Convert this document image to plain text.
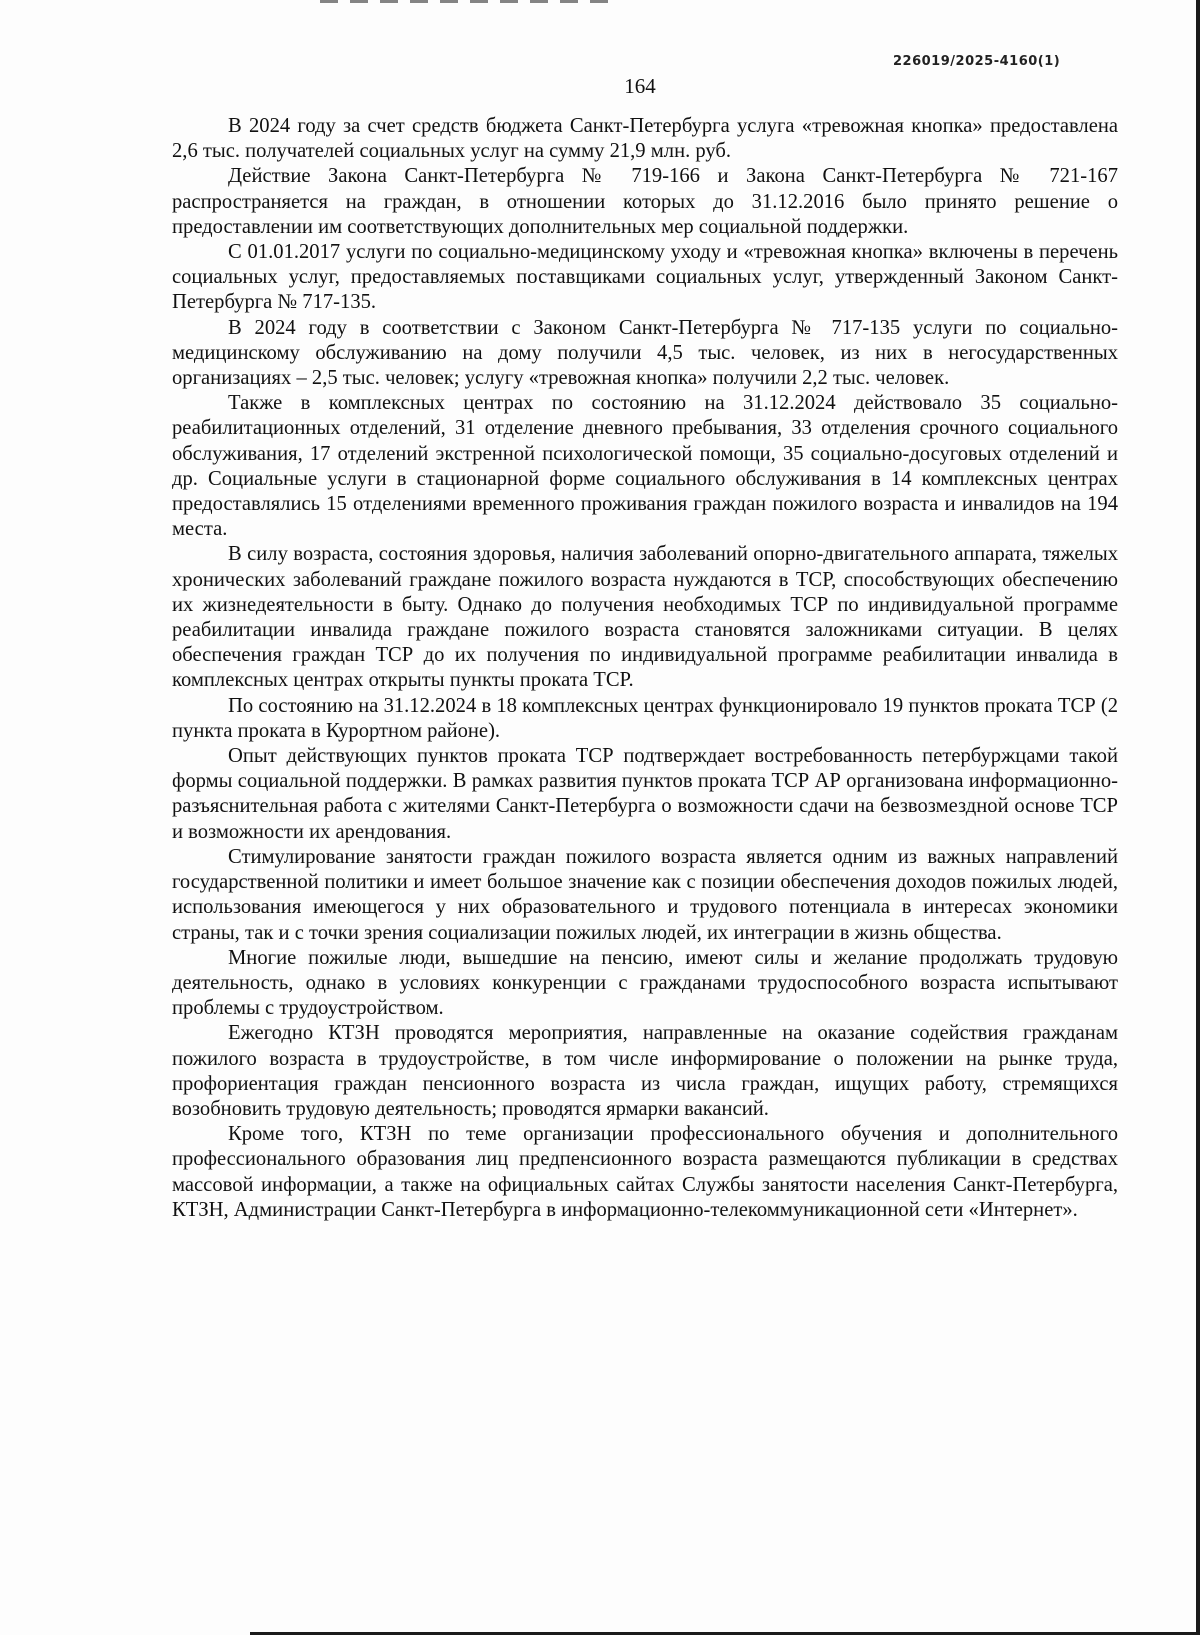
226019/2025-4160(1)
164

В 2024 году за счет средств бюджета Санкт-Петербурга услуга «тревожная кнопка» предоставлена 2,6 тыс. получателей социальных услуг на сумму 21,9 млн. руб.

Действие Закона Санкт-Петербурга № 719-166 и Закона Санкт-Петербурга № 721-167 распространяется на граждан, в отношении которых до 31.12.2016 было принято решение о предоставлении им соответствующих дополнительных мер социальной поддержки.

С 01.01.2017 услуги по социально-медицинскому уходу и «тревожная кнопка» включены в перечень социальных услуг, предоставляемых поставщиками социальных услуг, утвержденный Законом Санкт-Петербурга № 717-135.

В 2024 году в соответствии с Законом Санкт-Петербурга № 717-135 услуги по социально-медицинскому обслуживанию на дому получили 4,5 тыс. человек, из них в негосударственных организациях – 2,5 тыс. человек; услугу «тревожная кнопка» получили 2,2 тыс. человек.

Также в комплексных центрах по состоянию на 31.12.2024 действовало 35 социально-реабилитационных отделений, 31 отделение дневного пребывания, 33 отделения срочного социального обслуживания, 17 отделений экстренной психологической помощи, 35 социально-досуговых отделений и др. Социальные услуги в стационарной форме социального обслуживания в 14 комплексных центрах предоставлялись 15 отделениями временного проживания граждан пожилого возраста и инвалидов на 194 места.

В силу возраста, состояния здоровья, наличия заболеваний опорно-двигательного аппарата, тяжелых хронических заболеваний граждане пожилого возраста нуждаются в ТСР, способствующих обеспечению их жизнедеятельности в быту. Однако до получения необходимых ТСР по индивидуальной программе реабилитации инвалида граждане пожилого возраста становятся заложниками ситуации. В целях обеспечения граждан ТСР до их получения по индивидуальной программе реабилитации инвалида в комплексных центрах открыты пункты проката ТСР.

По состоянию на 31.12.2024 в 18 комплексных центрах функционировало 19 пунктов проката ТСР (2 пункта проката в Курортном районе).

Опыт действующих пунктов проката ТСР подтверждает востребованность петербуржцами такой формы социальной поддержки. В рамках развития пунктов проката ТСР АР организована информационно-разъяснительная работа с жителями Санкт-Петербурга о возможности сдачи на безвозмездной основе ТСР и возможности их арендования.

Стимулирование занятости граждан пожилого возраста является одним из важных направлений государственной политики и имеет большое значение как с позиции обеспечения доходов пожилых людей, использования имеющегося у них образовательного и трудового потенциала в интересах экономики страны, так и с точки зрения социализации пожилых людей, их интеграции в жизнь общества.

Многие пожилые люди, вышедшие на пенсию, имеют силы и желание продолжать трудовую деятельность, однако в условиях конкуренции с гражданами трудоспособного возраста испытывают проблемы с трудоустройством.

Ежегодно КТЗН проводятся мероприятия, направленные на оказание содействия гражданам пожилого возраста в трудоустройстве, в том числе информирование о положении на рынке труда, профориентация граждан пенсионного возраста из числа граждан, ищущих работу, стремящихся возобновить трудовую деятельность; проводятся ярмарки вакансий.

Кроме того, КТЗН по теме организации профессионального обучения и дополнительного профессионального образования лиц предпенсионного возраста размещаются публикации в средствах массовой информации, а также на официальных сайтах Службы занятости населения Санкт-Петербурга, КТЗН, Администрации Санкт-Петербурга в информационно-телекоммуникационной сети «Интернет».
